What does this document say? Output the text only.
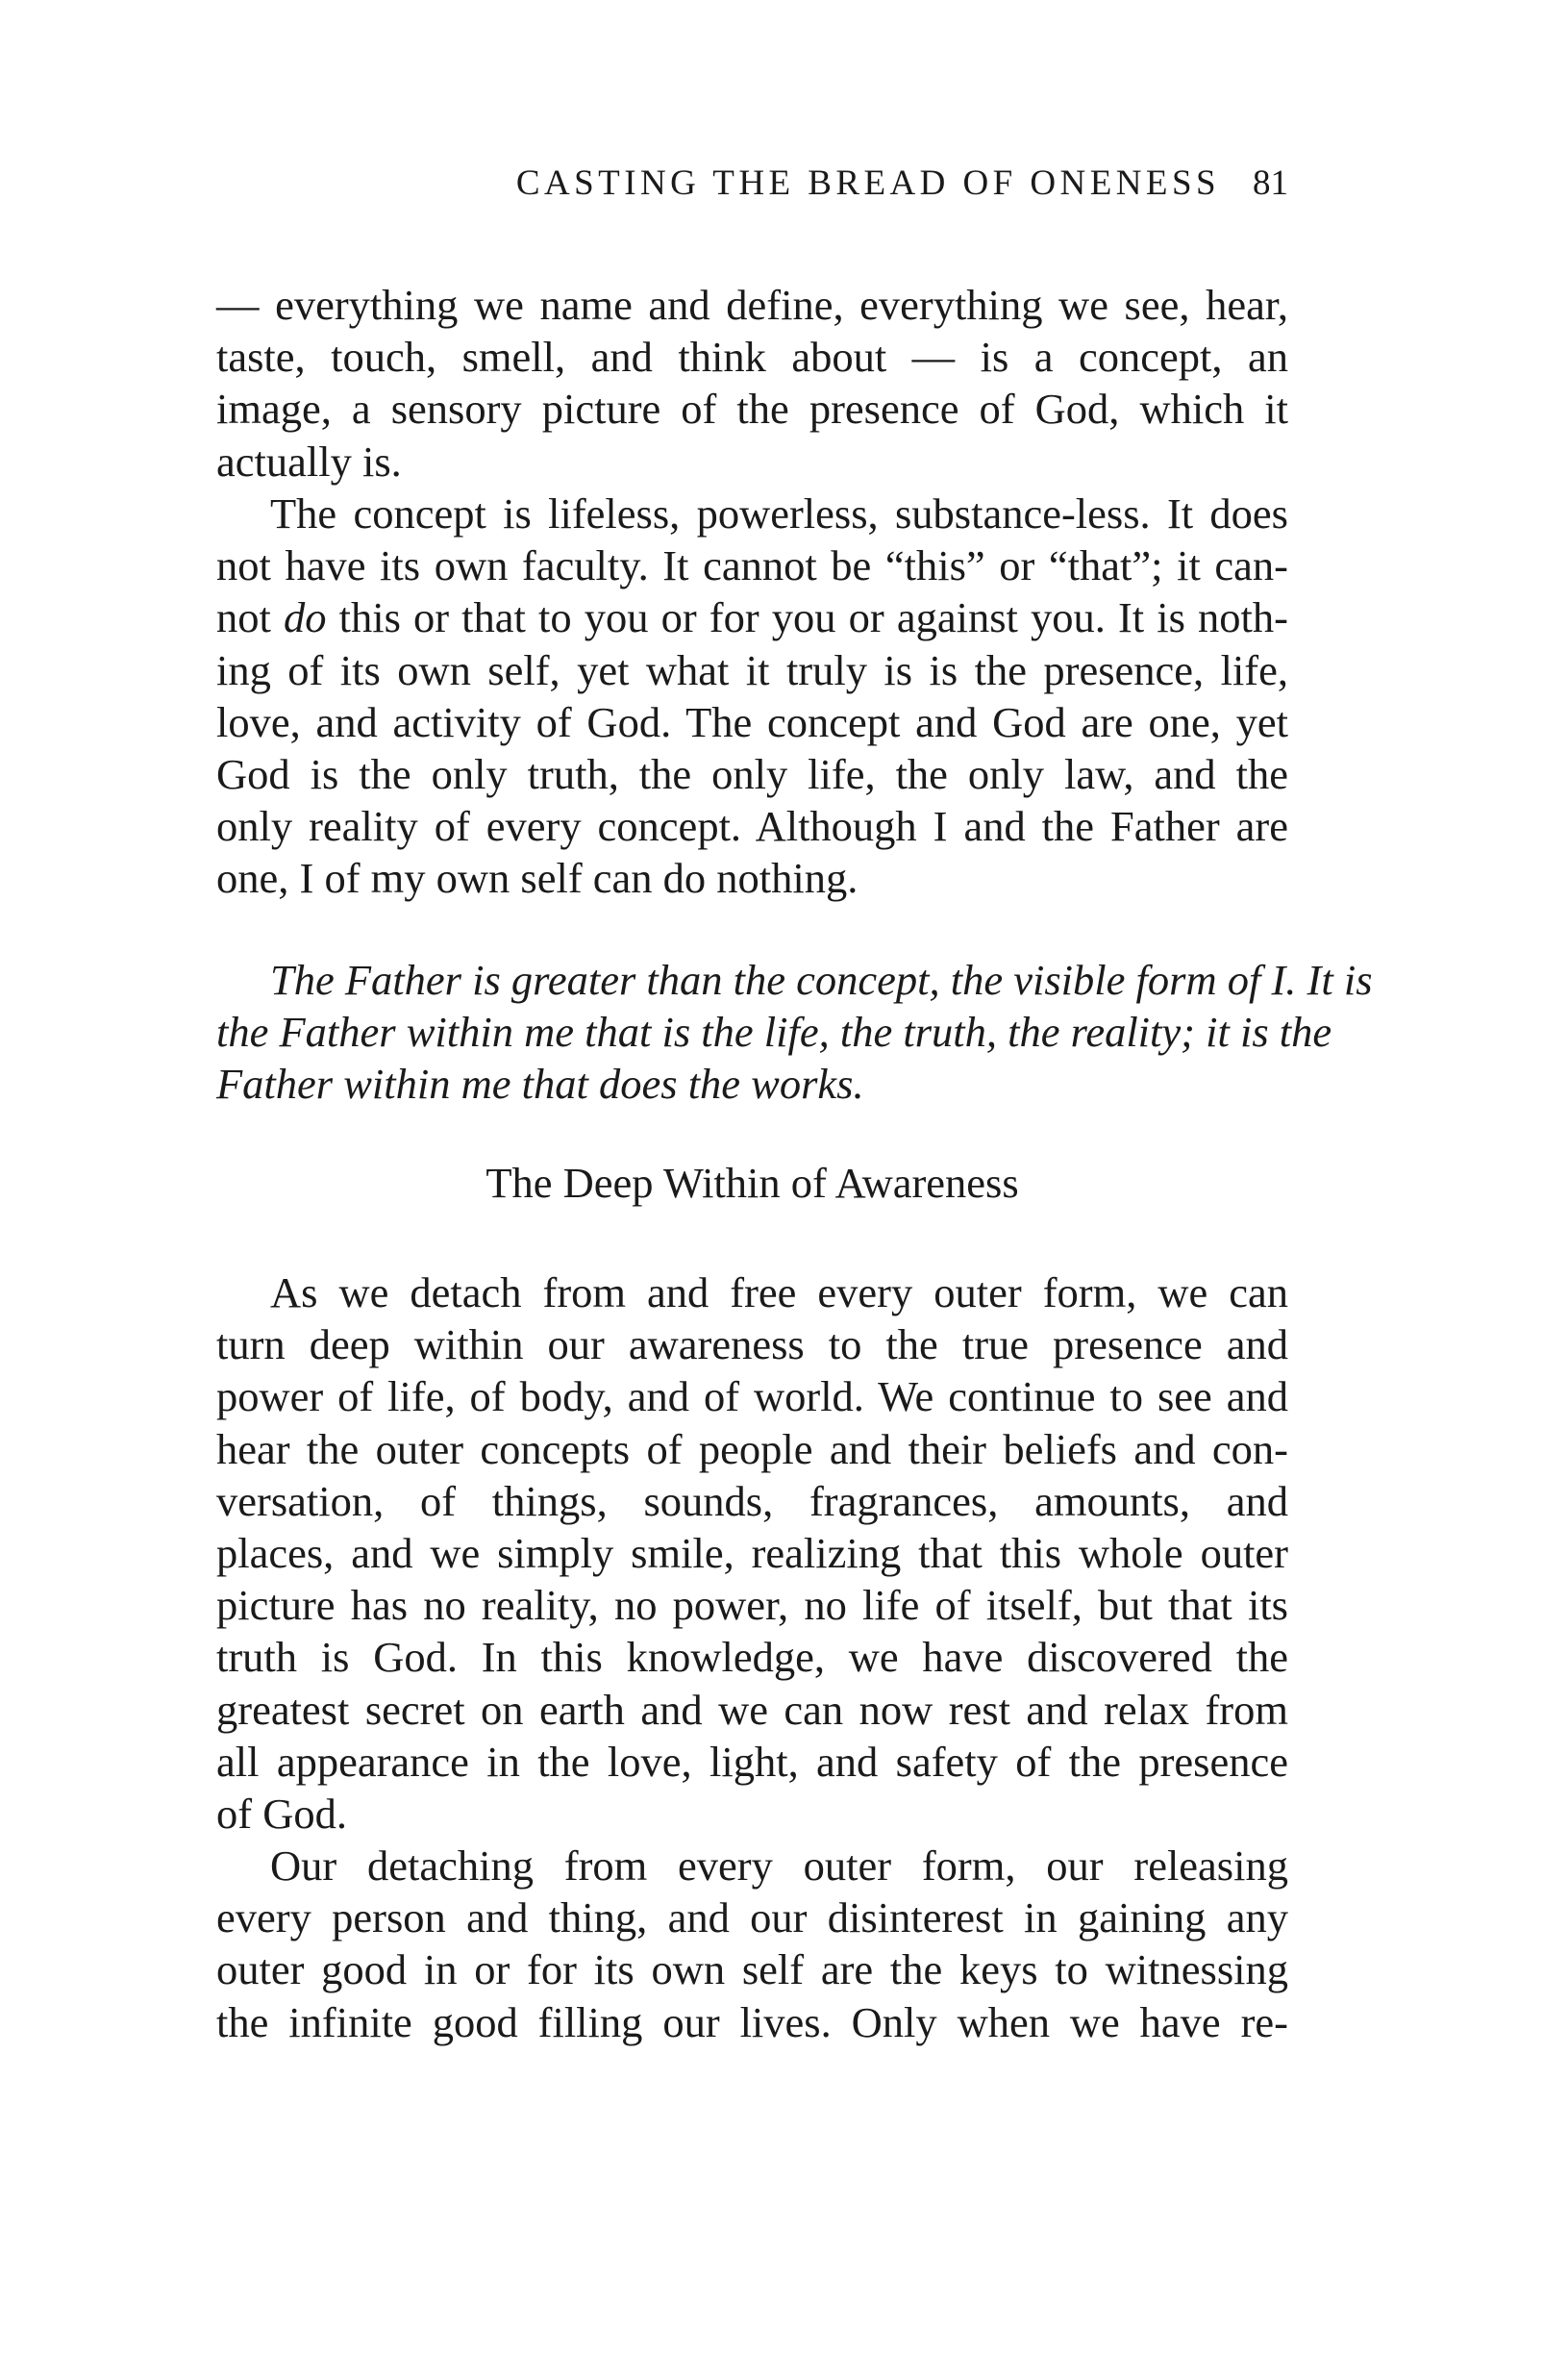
CASTING THE BREAD OF ONENESS 81
— everything we name and define, everything we see, hear,
taste, touch, smell, and think about — is a concept, an
image, a sensory picture of the presence of God, which it
actually is.
The concept is lifeless, powerless, substance-less. It does
not have its own faculty. It cannot be “this” or “that”; it can-
not do this or that to you or for you or against you. It is noth-
ing of its own self, yet what it truly is is the presence, life,
love, and activity of God. The concept and God are one, yet
God is the only truth, the only life, the only law, and the
only reality of every concept. Although I and the Father are
one, I of my own self can do nothing.
The Father is greater than the concept, the visible form of I. It is
the Father within me that is the life, the truth, the reality; it is the
Father within me that does the works.
The Deep Within of Awareness
As we detach from and free every outer form, we can
turn deep within our awareness to the true presence and
power of life, of body, and of world. We continue to see and
hear the outer concepts of people and their beliefs and con-
versation, of things, sounds, fragrances, amounts, and
places, and we simply smile, realizing that this whole outer
picture has no reality, no power, no life of itself, but that its
truth is God. In this knowledge, we have discovered the
greatest secret on earth and we can now rest and relax from
all appearance in the love, light, and safety of the presence
of God.
Our detaching from every outer form, our releasing
every person and thing, and our disinterest in gaining any
outer good in or for its own self are the keys to witnessing
the infinite good filling our lives. Only when we have re-
